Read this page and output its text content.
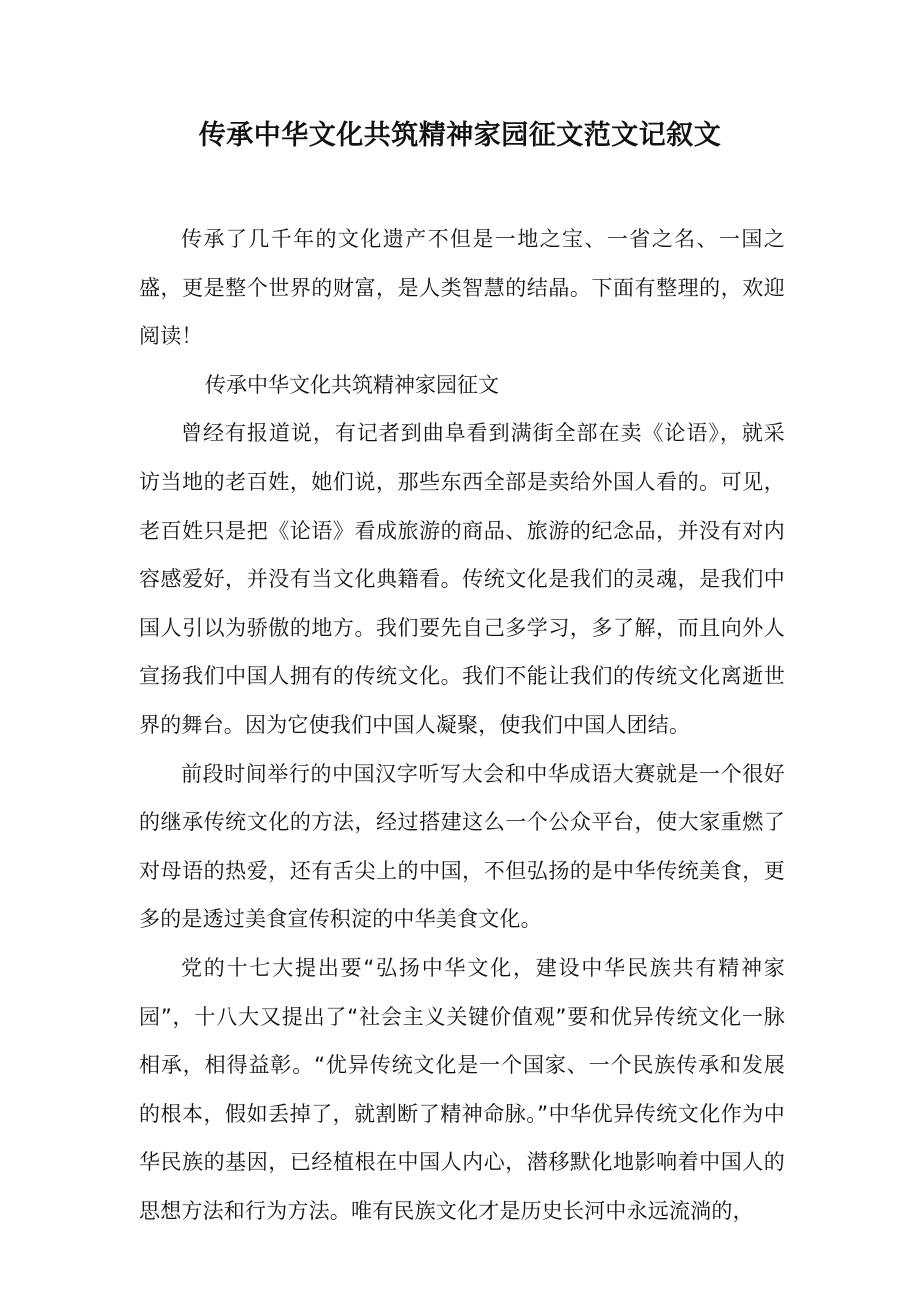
传承中华文化共筑精神家园征文范文记叙文

传承了几千年的文化遗产不但是一地之宝、一省之名、一国之盛，更是整个世界的财富，是人类智慧的结晶。下面有整理的，欢迎阅读！

传承中华文化共筑精神家园征文

曾经有报道说，有记者到曲阜看到满街全部在卖《论语》，就采访当地的老百姓，她们说，那些东西全部是卖给外国人看的。可见，老百姓只是把《论语》看成旅游的商品、旅游的纪念品，并没有对内容感爱好，并没有当文化典籍看。传统文化是我们的灵魂，是我们中国人引以为骄傲的地方。我们要先自己多学习，多了解，而且向外人宣扬我们中国人拥有的传统文化。我们不能让我们的传统文化离逝世界的舞台。因为它使我们中国人凝聚，使我们中国人团结。

前段时间举行的中国汉字听写大会和中华成语大赛就是一个很好的继承传统文化的方法，经过搭建这么一个公众平台，使大家重燃了对母语的热爱，还有舌尖上的中国，不但弘扬的是中华传统美食，更多的是透过美食宣传积淀的中华美食文化。

党的十七大提出要“弘扬中华文化，建设中华民族共有精神家园”，十八大又提出了“社会主义关键价值观”要和优异传统文化一脉相承，相得益彰。“优异传统文化是一个国家、一个民族传承和发展的根本，假如丢掉了，就割断了精神命脉。”中华优异传统文化作为中华民族的基因，已经植根在中国人内心，潜移默化地影响着中国人的思想方法和行为方法。唯有民族文化才是历史长河中永远流淌的，
